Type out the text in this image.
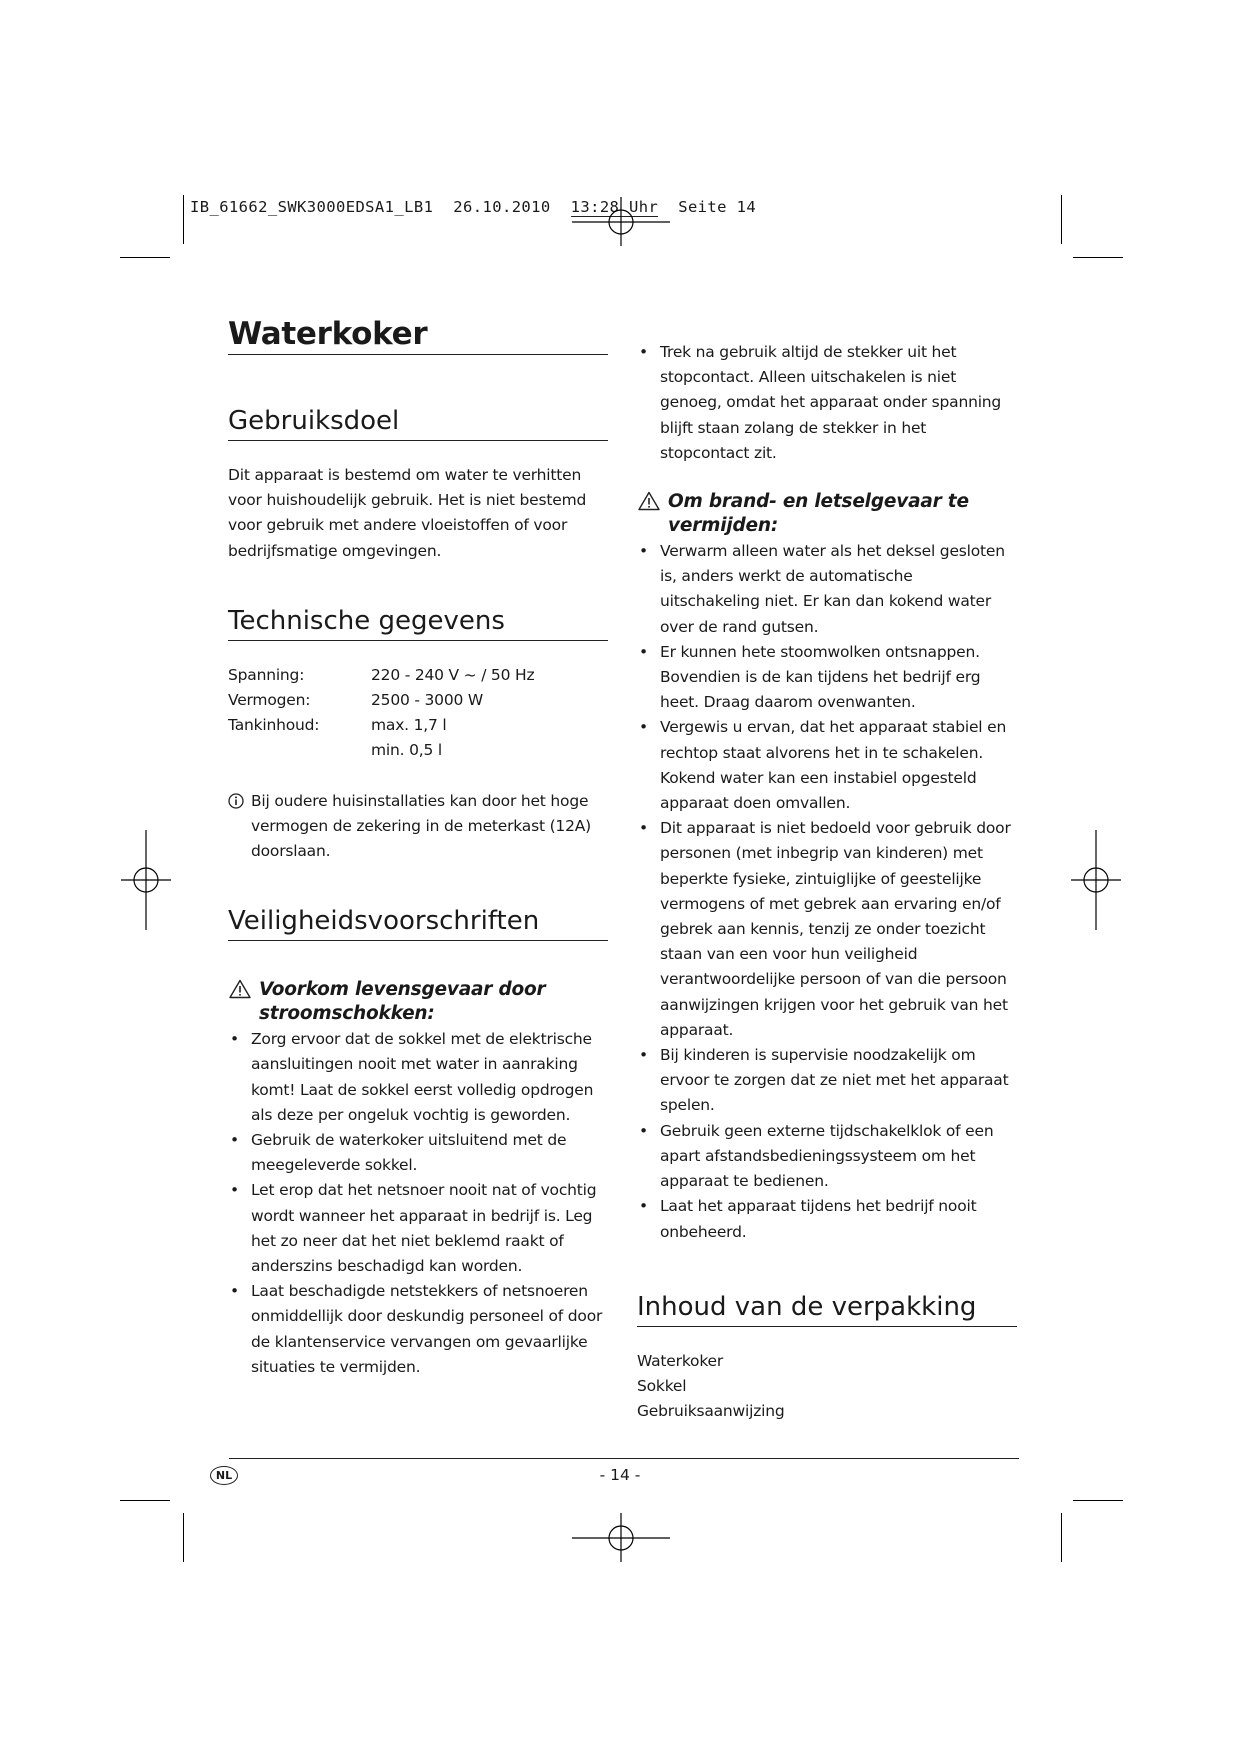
IB_61662_SWK3000EDSA1_LB1 26.10.2010 13:28 Uhr Seite 14
Waterkoker
Gebruiksdoel

Dit apparaat is bestemd om water te verhitten voor huishoudelijk gebruik. Het is niet bestemd voor gebruik met andere vloeistoffen of voor bedrijfsmatige omgevingen.

Technische gegevens
Spanning:	220 - 240 V ~ / 50 Hz
Vermogen:	2500 - 3000 W
Tankinhoud:	max. 1,7 l
min. 0,5 l
Bij oudere huisinstallaties kan door het hoge vermogen de zekering in de meterkast (12A) doorslaan.
Veiligheidsvoorschriften
Voorkom levensgevaar door stroomschokken:
• Zorg ervoor dat de sokkel met de elektrische aansluitingen nooit met water in aanraking komt! Laat de sokkel eerst volledig opdrogen als deze per ongeluk vochtig is geworden.
• Gebruik de waterkoker uitsluitend met de meegeleverde sokkel.
• Let erop dat het netsnoer nooit nat of vochtig wordt wanneer het apparaat in bedrijf is. Leg het zo neer dat het niet beklemd raakt of anderszins beschadigd kan worden.
• Laat beschadigde netstekkers of netsnoeren onmiddellijk door deskundig personeel of door de klantenservice vervangen om gevaarlijke situaties te vermijden.
• Trek na gebruik altijd de stekker uit het stopcontact. Alleen uitschakelen is niet genoeg, omdat het apparaat onder spanning blijft staan zolang de stekker in het stopcontact zit.
Om brand- en letselgevaar te vermijden:
• Verwarm alleen water als het deksel gesloten is, anders werkt de automatische uitschakeling niet. Er kan dan kokend water over de rand gutsen.
• Er kunnen hete stoomwolken ontsnappen. Bovendien is de kan tijdens het bedrijf erg heet. Draag daarom ovenwanten.
• Vergewis u ervan, dat het apparaat stabiel en rechtop staat alvorens het in te schakelen. Kokend water kan een instabiel opgesteld apparaat doen omvallen.
• Dit apparaat is niet bedoeld voor gebruik door personen (met inbegrip van kinderen) met beperkte fysieke, zintuiglijke of geestelijke vermogens of met gebrek aan ervaring en/of gebrek aan kennis, tenzij ze onder toezicht staan van een voor hun veiligheid verantwoordelijke persoon of van die persoon aanwijzingen krijgen voor het gebruik van het apparaat.
• Bij kinderen is supervisie noodzakelijk om ervoor te zorgen dat ze niet met het apparaat spelen.
• Gebruik geen externe tijdschakelklok of een apart afstandsbedieningssysteem om het apparaat te bedienen.
• Laat het apparaat tijdens het bedrijf nooit onbeheerd.
Inhoud van de verpakking

Waterkoker

Sokkel

Gebruiksaanwijzing

NL	- 14 -
